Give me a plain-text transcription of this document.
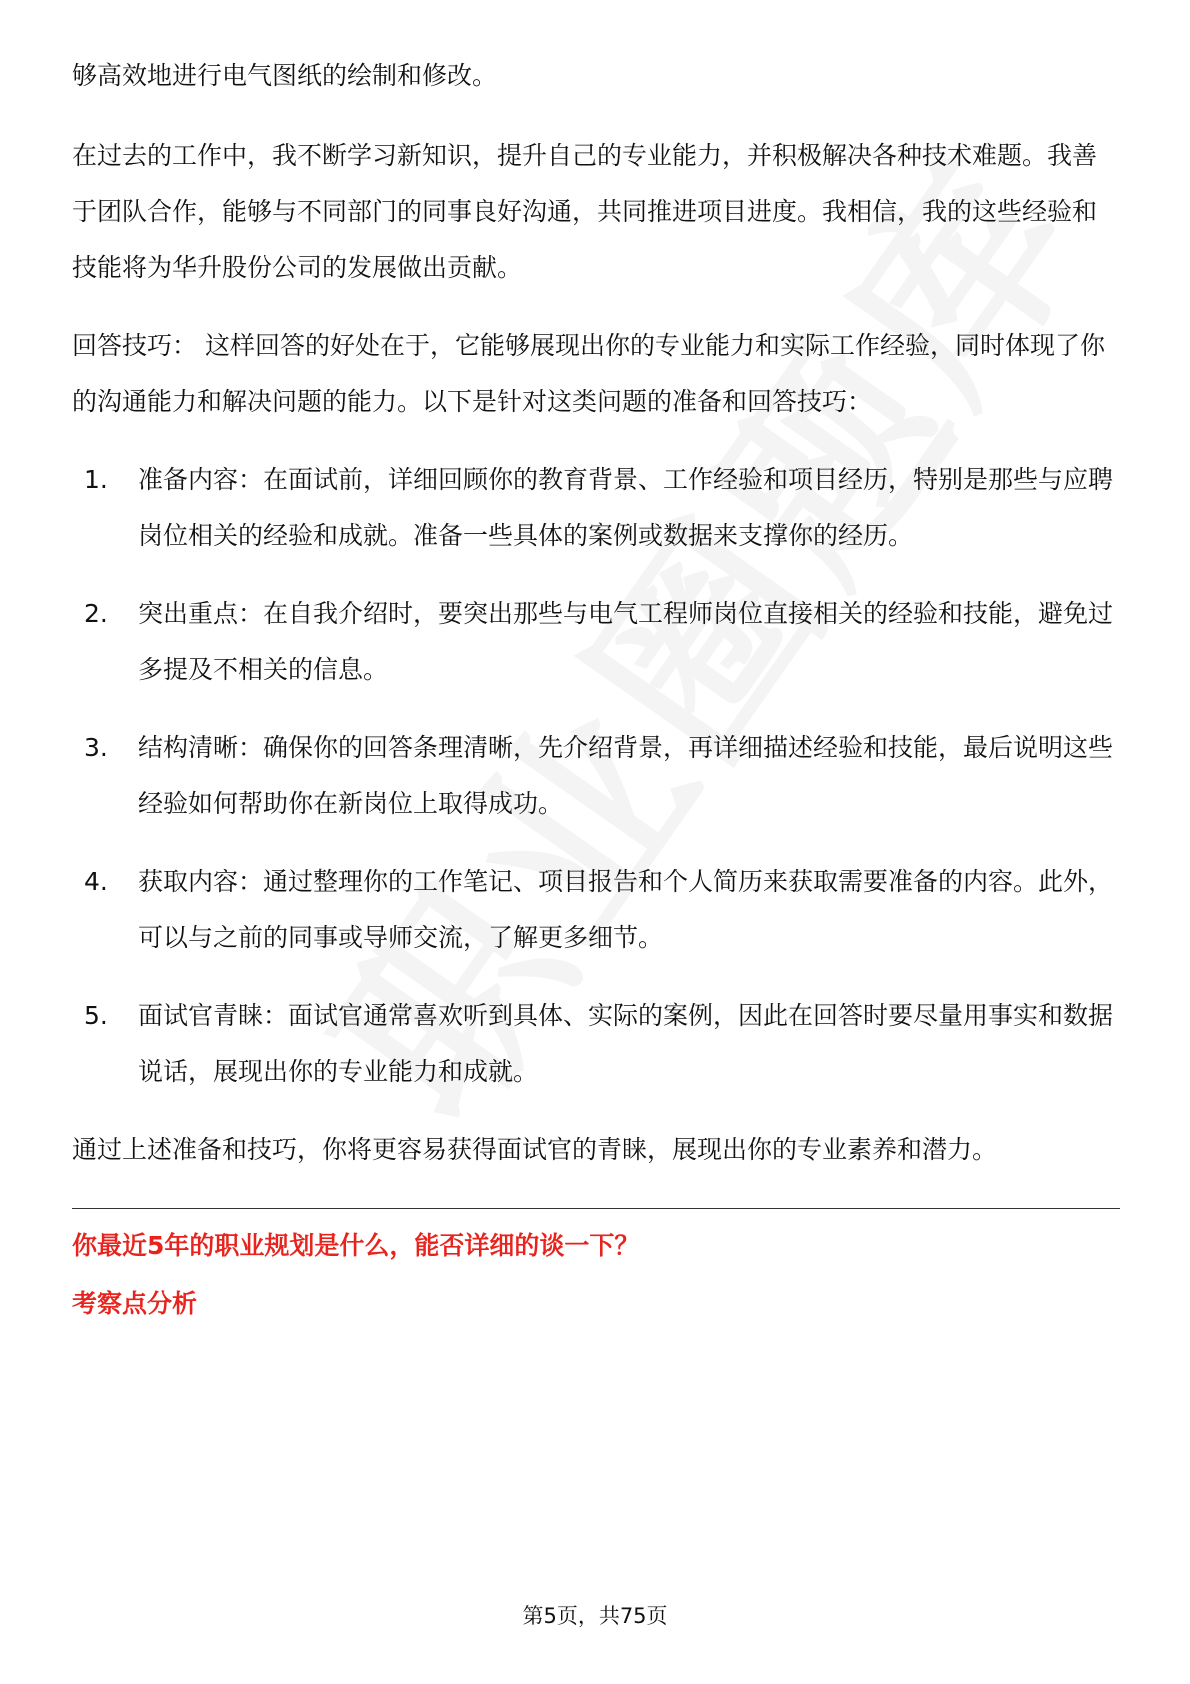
够高效地进行电气图纸的绘制和修改。

在过去的工作中，我不断学习新知识，提升自己的专业能力，并积极解决各种技术难题。我善于团队合作，能够与不同部门的同事良好沟通，共同推进项目进度。我相信，我的这些经验和技能将为华升股份公司的发展做出贡献。

回答技巧： 这样回答的好处在于，它能够展现出你的专业能力和实际工作经验，同时体现了你的沟通能力和解决问题的能力。以下是针对这类问题的准备和回答技巧：

1.	准备内容：在面试前，详细回顾你的教育背景、工作经验和项目经历，特别是那些与应聘岗位相关的经验和成就。准备一些具体的案例或数据来支撑你的经历。
2.	突出重点：在自我介绍时，要突出那些与电气工程师岗位直接相关的经验和技能，避免过多提及不相关的信息。
3.	结构清晰：确保你的回答条理清晰，先介绍背景，再详细描述经验和技能，最后说明这些经验如何帮助你在新岗位上取得成功。
4.	获取内容：通过整理你的工作笔记、项目报告和个人简历来获取需要准备的内容。此外，可以与之前的同事或导师交流，了解更多细节。
5.	面试官青睐：面试官通常喜欢听到具体、实际的案例，因此在回答时要尽量用事实和数据说话，展现出你的专业能力和成就。

通过上述准备和技巧，你将更容易获得面试官的青睐，展现出你的专业素养和潜力。

你最近5年的职业规划是什么，能否详细的谈一下？
考察点分析
第5页，共75页
